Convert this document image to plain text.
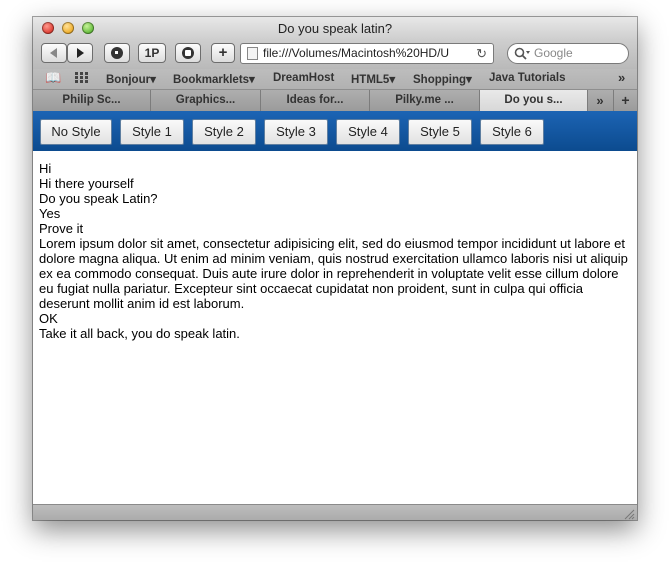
Do you speak latin?
1P	+	file:///Volumes/Macintosh%20HD/U ↻	Google
📖	Bonjour▾ Bookmarklets▾ DreamHost HTML5▾ Shopping▾ Java Tutorials	»
Philip Sc...	Graphics...	Ideas for...	Pilky.me ...	Do you s...	»	+
No Style	Style 1	Style 2	Style 3	Style 4	Style 5	Style 6
Hi
Hi there yourself
Do you speak Latin?
Yes
Prove it
Lorem ipsum dolor sit amet, consectetur adipisicing elit, sed do eiusmod tempor incididunt ut labore et dolore magna aliqua. Ut enim ad minim veniam, quis nostrud exercitation ullamco laboris nisi ut aliquip ex ea commodo consequat. Duis aute irure dolor in reprehenderit in voluptate velit esse cillum dolore eu fugiat nulla pariatur. Excepteur sint occaecat cupidatat non proident, sunt in culpa qui officia deserunt mollit anim id est laborum.
OK
Take it all back, you do speak latin.
